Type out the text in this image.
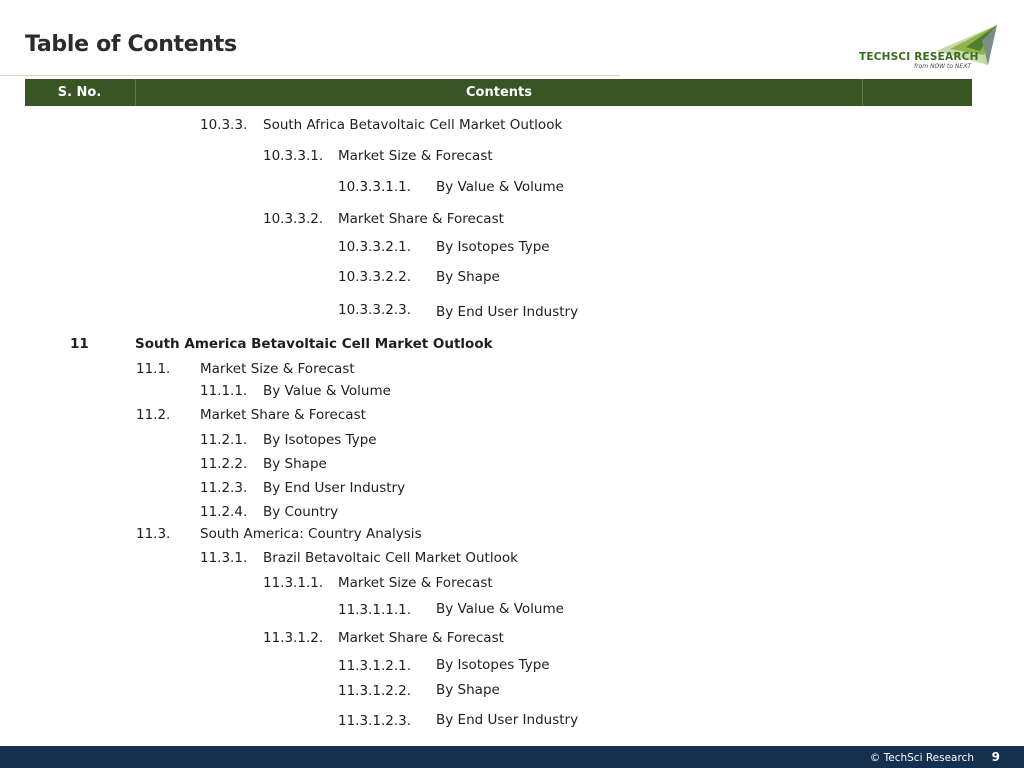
Table of Contents	TECHSCI RESEARCH
from NOW to NEXT
S. No.	Contents
10.3.3. South Africa Betavoltaic Cell Market Outlook
10.3.3.1. Market Size & Forecast
10.3.3.1.1. By Value & Volume
10.3.3.2. Market Share & Forecast
10.3.3.2.1. By Isotopes Type
10.3.3.2.2. By Shape
10.3.3.2.3. By End User Industry
11	South America Betavoltaic Cell Market Outlook
11.1. Market Size & Forecast
11.1.1. By Value & Volume
11.2. Market Share & Forecast
11.2.1. By Isotopes Type
11.2.2. By Shape
11.2.3. By End User Industry
11.2.4. By Country
11.3. South America: Country Analysis
11.3.1. Brazil Betavoltaic Cell Market Outlook
11.3.1.1. Market Size & Forecast
11.3.1.1.1. By Value & Volume
11.3.1.2. Market Share & Forecast
11.3.1.2.1. By Isotopes Type
11.3.1.2.2. By Shape
11.3.1.2.3. By End User Industry
© TechSci Research 9
